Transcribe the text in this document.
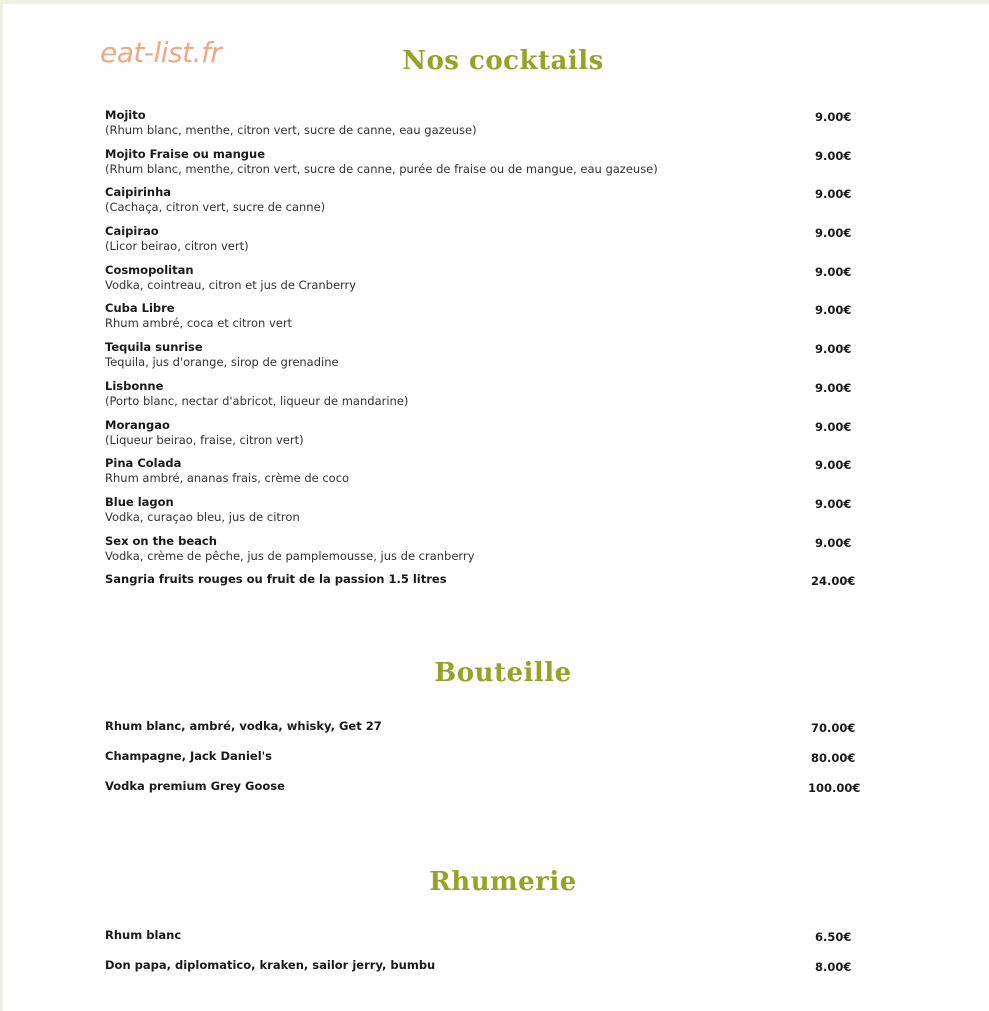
eat-list.fr	Nos cocktails
Mojito
(Rhum blanc, menthe, citron vert, sucre de canne, eau gazeuse)
9.00€
Mojito Fraise ou mangue
(Rhum blanc, menthe, citron vert, sucre de canne, purée de fraise ou de mangue, eau gazeuse)
9.00€
Caipirinha
(Cachaça, citron vert, sucre de canne)
9.00€
Caipirao
(Licor beirao, citron vert)
9.00€
Cosmopolitan
Vodka, cointreau, citron et jus de Cranberry
9.00€
Cuba Libre
Rhum ambré, coca et citron vert
9.00€
Tequila sunrise
Tequila, jus d'orange, sirop de grenadine
9.00€
Lisbonne
(Porto blanc, nectar d'abricot, liqueur de mandarine)
9.00€
Morangao
(Liqueur beirao, fraise, citron vert)
9.00€
Pina Colada
Rhum ambré, ananas frais, crème de coco
9.00€
Blue lagon
Vodka, curaçao bleu, jus de citron
9.00€
Sex on the beach
Vodka, crème de pêche, jus de pamplemousse, jus de cranberry
9.00€
Sangria fruits rouges ou fruit de la passion 1.5 litres	24.00€
Bouteille
Rhum blanc, ambré, vodka, whisky, Get 27	70.00€
Champagne, Jack Daniel's	80.00€
Vodka premium Grey Goose	100.00€
Rhumerie
Rhum blanc	6.50€
Don papa, diplomatico, kraken, sailor jerry, bumbu	8.00€
